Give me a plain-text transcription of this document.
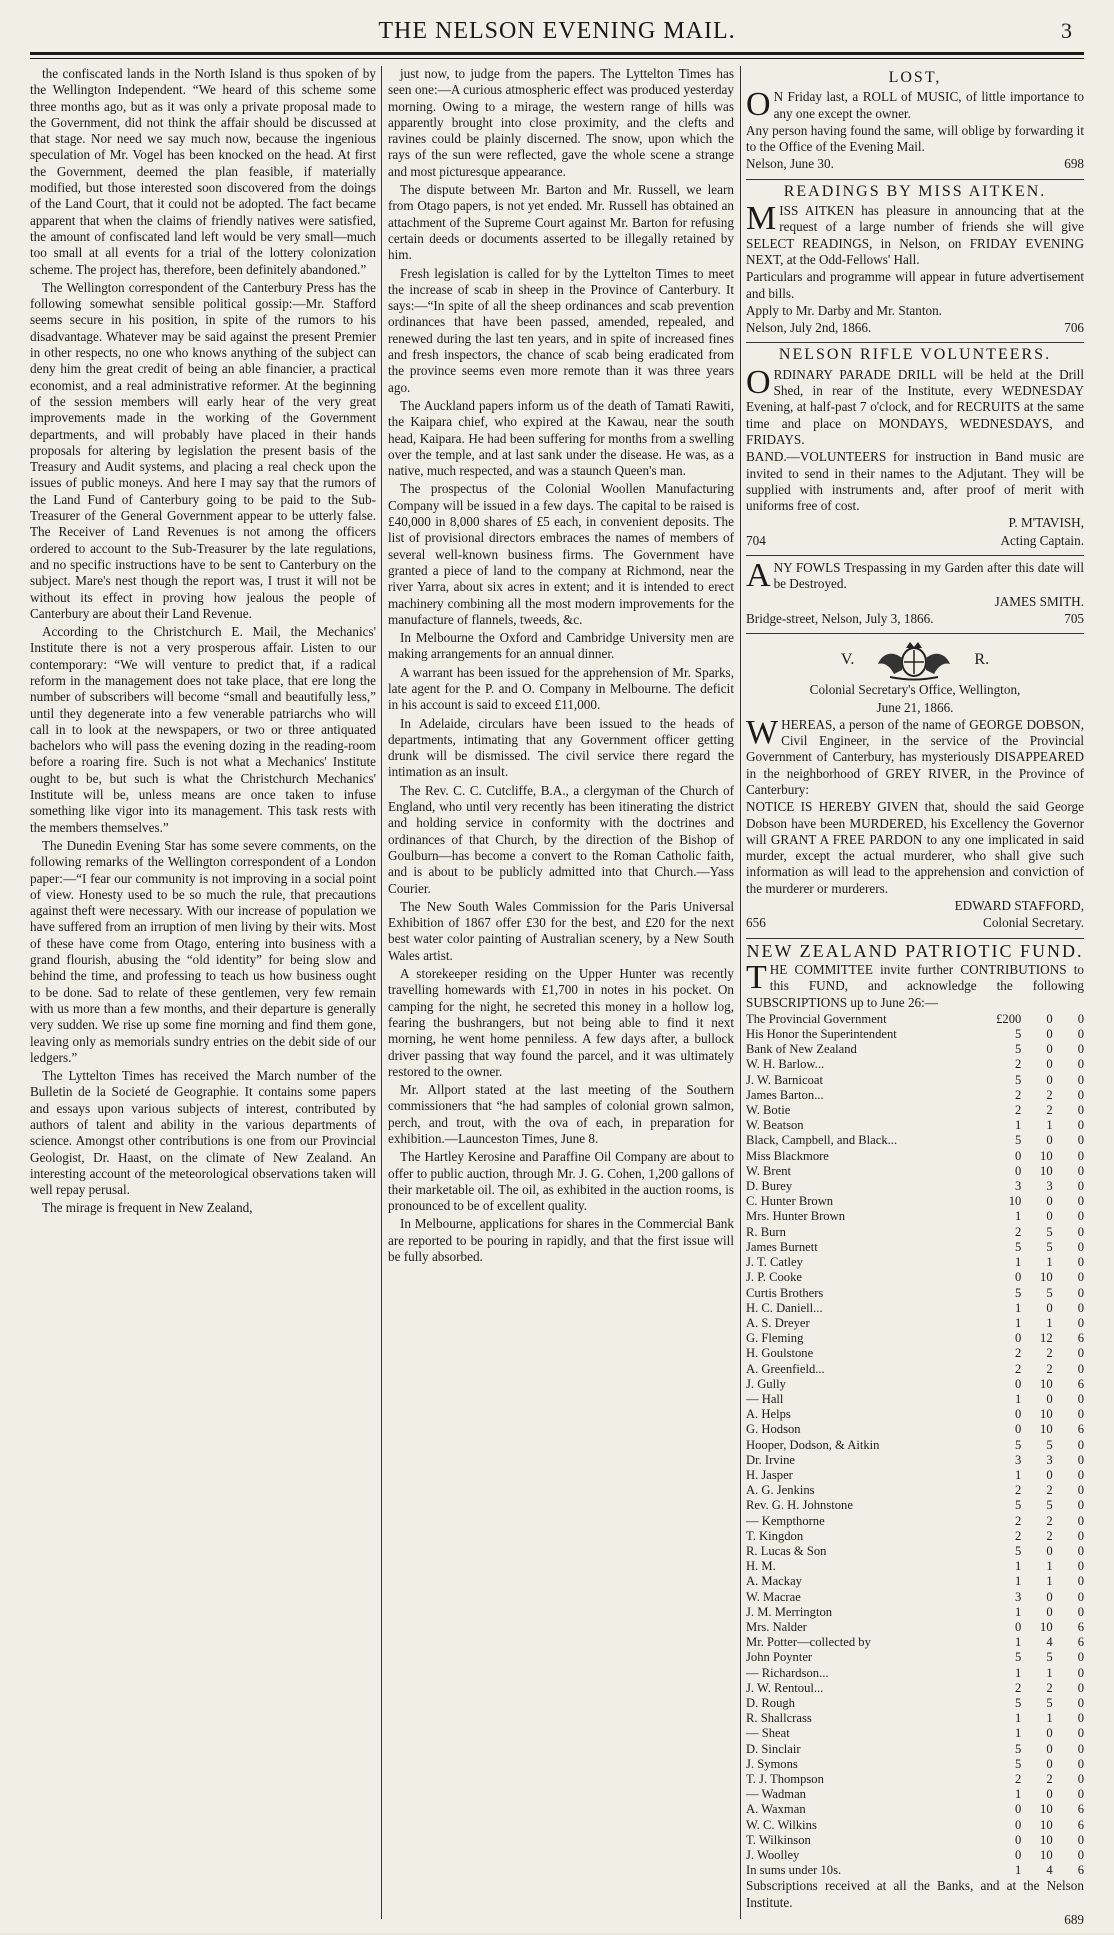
THE NELSON EVENING MAIL.	3

the confiscated lands in the North Island is thus spoken of by the Wellington Independent. “We heard of this scheme some three months ago, but as it was only a private proposal made to the Government, did not think the affair should be discussed at that stage. Nor need we say much now, because the ingenious speculation of Mr. Vogel has been knocked on the head. At first the Government, deemed the plan feasible, if materially modified, but those interested soon discovered from the doings of the Land Court, that it could not be adopted. The fact became apparent that when the claims of friendly natives were satisfied, the amount of confiscated land left would be very small—much too small at all events for a trial of the lottery colonization scheme. The project has, therefore, been definitely abandoned.”

The Wellington correspondent of the Canterbury Press has the following somewhat sensible political gossip:—Mr. Stafford seems secure in his position, in spite of the rumors to his disadvantage. Whatever may be said against the present Premier in other respects, no one who knows anything of the subject can deny him the great credit of being an able financier, a practical economist, and a real administrative reformer. At the beginning of the session members will early hear of the very great improvements made in the working of the Government departments, and will probably have placed in their hands proposals for altering by legislation the present basis of the Treasury and Audit systems, and placing a real check upon the issues of public moneys. And here I may say that the rumors of the Land Fund of Canterbury going to be paid to the Sub-Treasurer of the General Government appear to be utterly false. The Receiver of Land Revenues is not among the officers ordered to account to the Sub-Treasurer by the late regulations, and no specific instructions have to be sent to Canterbury on the subject. Mare's nest though the report was, I trust it will not be without its effect in proving how jealous the people of Canterbury are about their Land Revenue.

According to the Christchurch E. Mail, the Mechanics' Institute there is not a very prosperous affair. Listen to our contemporary: “We will venture to predict that, if a radical reform in the management does not take place, that ere long the number of subscribers will become “small and beautifully less,” until they degenerate into a few venerable patriarchs who will call in to look at the newspapers, or two or three antiquated bachelors who will pass the evening dozing in the reading-room before a roaring fire. Such is not what a Mechanics' Institute ought to be, but such is what the Christchurch Mechanics' Institute will be, unless means are once taken to infuse something like vigor into its management. This task rests with the members themselves.”

The Dunedin Evening Star has some severe comments, on the following remarks of the Wellington correspondent of a London paper:—“I fear our community is not improving in a social point of view. Honesty used to be so much the rule, that precautions against theft were necessary. With our increase of population we have suffered from an irruption of men living by their wits. Most of these have come from Otago, entering into business with a grand flourish, abusing the “old identity” for being slow and behind the time, and professing to teach us how business ought to be done. Sad to relate of these gentlemen, very few remain with us more than a few months, and their departure is generally very sudden. We rise up some fine morning and find them gone, leaving only as memorials sundry entries on the debit side of our ledgers.”

The Lyttelton Times has received the March number of the Bulletin de la Societé de Geographie. It contains some papers and essays upon various subjects of interest, contributed by authors of talent and ability in the various departments of science. Amongst other contributions is one from our Provincial Geologist, Dr. Haast, on the climate of New Zealand. An interesting account of the meteorological observations taken will well repay perusal.

The mirage is frequent in New Zealand,

just now, to judge from the papers. The Lyttelton Times has seen one:—A curious atmospheric effect was produced yesterday morning. Owing to a mirage, the western range of hills was apparently brought into close proximity, and the clefts and ravines could be plainly discerned. The snow, upon which the rays of the sun were reflected, gave the whole scene a strange and most picturesque appearance.

The dispute between Mr. Barton and Mr. Russell, we learn from Otago papers, is not yet ended. Mr. Russell has obtained an attachment of the Supreme Court against Mr. Barton for refusing certain deeds or documents asserted to be illegally retained by him.

Fresh legislation is called for by the Lyttelton Times to meet the increase of scab in sheep in the Province of Canterbury. It says:—“In spite of all the sheep ordinances and scab prevention ordinances that have been passed, amended, repealed, and renewed during the last ten years, and in spite of increased fines and fresh inspectors, the chance of scab being eradicated from the province seems even more remote than it was three years ago.

The Auckland papers inform us of the death of Tamati Rawiti, the Kaipara chief, who expired at the Kawau, near the south head, Kaipara. He had been suffering for months from a swelling over the temple, and at last sank under the disease. He was, as a native, much respected, and was a staunch Queen's man.

The prospectus of the Colonial Woollen Manufacturing Company will be issued in a few days. The capital to be raised is £40,000 in 8,000 shares of £5 each, in convenient deposits. The list of provisional directors embraces the names of members of several well-known business firms. The Government have granted a piece of land to the company at Richmond, near the river Yarra, about six acres in extent; and it is intended to erect machinery combining all the most modern improvements for the manufacture of flannels, tweeds, &c.

In Melbourne the Oxford and Cambridge University men are making arrangements for an annual dinner.

A warrant has been issued for the apprehension of Mr. Sparks, late agent for the P. and O. Company in Melbourne. The deficit in his account is said to exceed £11,000.

In Adelaide, circulars have been issued to the heads of departments, intimating that any Government officer getting drunk will be dismissed. The civil service there regard the intimation as an insult.

The Rev. C. C. Cutcliffe, B.A., a clergyman of the Church of England, who until very recently has been itinerating the district and holding service in conformity with the doctrines and ordinances of that Church, by the direction of the Bishop of Goulburn—has become a convert to the Roman Catholic faith, and is about to be publicly admitted into that Church.—Yass Courier.

The New South Wales Commission for the Paris Universal Exhibition of 1867 offer £30 for the best, and £20 for the next best water color painting of Australian scenery, by a New South Wales artist.

A storekeeper residing on the Upper Hunter was recently travelling homewards with £1,700 in notes in his pocket. On camping for the night, he secreted this money in a hollow log, fearing the bushrangers, but not being able to find it next morning, he went home penniless. A few days after, a bullock driver passing that way found the parcel, and it was ultimately restored to the owner.

Mr. Allport stated at the last meeting of the Southern commissioners that “he had samples of colonial grown salmon, perch, and trout, with the ova of each, in preparation for exhibition.—Launceston Times, June 8.

The Hartley Kerosine and Paraffine Oil Company are about to offer to public auction, through Mr. J. G. Cohen, 1,200 gallons of their marketable oil. The oil, as exhibited in the auction rooms, is pronounced to be of excellent quality.

In Melbourne, applications for shares in the Commercial Bank are reported to be pouring in rapidly, and that the first issue will be fully absorbed.

LOST,

O N Friday last, a ROLL of MUSIC, of little importance to any one except the owner.

Any person having found the same, will oblige by forwarding it to the Office of the Evening Mail.

Nelson, June 30.	698
READINGS BY MISS AITKEN.

MISS AITKEN has pleasure in announcing that at the request of a large number of friends she will give SELECT READINGS, in Nelson, on FRIDAY EVENING NEXT, at the Odd-Fellows' Hall.

Particulars and programme will appear in future advertisement and bills.

Apply to Mr. Darby and Mr. Stanton.

Nelson, July 2nd, 1866.	706
NELSON RIFLE VOLUNTEERS.

ORDINARY PARADE DRILL will be held at the Drill Shed, in rear of the Institute, every WEDNESDAY Evening, at half-past 7 o'clock, and for RECRUITS at the same time and place on MONDAYS, WEDNESDAYS, and FRIDAYS.

BAND.—VOLUNTEERS for instruction in Band music are invited to send in their names to the Adjutant. They will be supplied with instruments and, after proof of merit with uniforms free of cost.

P. M'TAVISH,

704	Acting Captain.

ANY FOWLS Trespassing in my Garden after this date will be Destroyed.

JAMES SMITH.

Bridge-street, Nelson, July 3, 1866.	705
V.	R.

Colonial Secretary's Office, Wellington,

June 21, 1866.

WHEREAS, a person of the name of GEORGE DOBSON, Civil Engineer, in the service of the Provincial Government of Canterbury, has mysteriously DISAPPEARED in the neighborhood of GREY RIVER, in the Province of Canterbury:

NOTICE IS HEREBY GIVEN that, should the said George Dobson have been MURDERED, his Excellency the Governor will GRANT A FREE PARDON to any one implicated in said murder, except the actual murderer, who shall give such information as will lead to the apprehension and conviction of the murderer or murderers.

EDWARD STAFFORD,

656	Colonial Secretary.
NEW ZEALAND PATRIOTIC FUND.

THE COMMITTEE invite further CONTRIBUTIONS to this FUND, and acknowledge the following SUBSCRIPTIONS up to June 26:—

The Provincial Government	£200	0	0
His Honor the Superintendent	5	0	0
Bank of New Zealand	5	0	0
W. H. Barlow...	2	0	0
J. W. Barnicoat	5	0	0
James Barton...	2	2	0
W. Botie	2	2	0
W. Beatson	1	1	0
Black, Campbell, and Black...	5	0	0
Miss Blackmore	0	10	0
W. Brent	0	10	0
D. Burey	3	3	0
C. Hunter Brown	10	0	0
Mrs. Hunter Brown	1	0	0
R. Burn	2	5	0
James Burnett	5	5	0
J. T. Catley	1	1	0
J. P. Cooke	0	10	0
Curtis Brothers	5	5	0
H. C. Daniell...	1	0	0
A. S. Dreyer	1	1	0
G. Fleming	0	12	6
H. Goulstone	2	2	0
A. Greenfield...	2	2	0
J. Gully	0	10	6
— Hall	1	0	0
A. Helps	0	10	0
G. Hodson	0	10	6
Hooper, Dodson, & Aitkin	5	5	0
Dr. Irvine	3	3	0
H. Jasper	1	0	0
A. G. Jenkins	2	2	0
Rev. G. H. Johnstone	5	5	0
— Kempthorne	2	2	0
T. Kingdon	2	2	0
R. Lucas & Son	5	0	0
H. M.	1	1	0
A. Mackay	1	1	0
W. Macrae	3	0	0
J. M. Merrington	1	0	0
Mrs. Nalder	0	10	6
Mr. Potter—collected by	1	4	6
John Poynter	5	5	0
— Richardson...	1	1	0
J. W. Rentoul...	2	2	0
D. Rough	5	5	0
R. Shallcrass	1	1	0
— Sheat	1	0	0
D. Sinclair	5	0	0
J. Symons	5	0	0
T. J. Thompson	2	2	0
— Wadman	1	0	0
A. Waxman	0	10	6
W. C. Wilkins	0	10	6
T. Wilkinson	0	10	0
J. Woolley	0	10	0
In sums under 10s.	1	4	6

Subscriptions received at all the Banks, and at the Nelson Institute.

689
